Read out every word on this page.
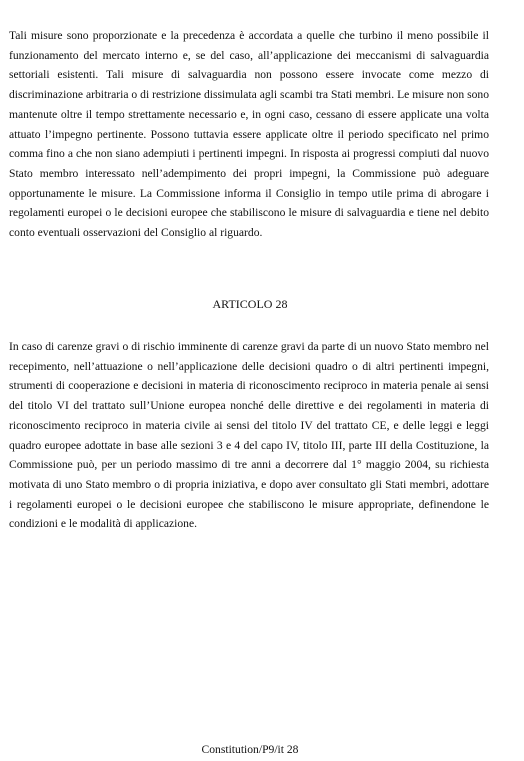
Tali misure sono proporzionate e la precedenza è accordata a quelle che turbino il meno possibile il funzionamento del mercato interno e, se del caso, all’applicazione dei meccanismi di salvaguardia settoriali esistenti. Tali misure di salvaguardia non possono essere invocate come mezzo di discriminazione arbitraria o di restrizione dissimulata agli scambi tra Stati membri. Le misure non sono mantenute oltre il tempo strettamente necessario e, in ogni caso, cessano di essere applicate una volta attuato l’impegno pertinente. Possono tuttavia essere applicate oltre il periodo specificato nel primo comma fino a che non siano adempiuti i pertinenti impegni. In risposta ai progressi compiuti dal nuovo Stato membro interessato nell’adempimento dei propri impegni, la Commissione può adeguare opportunamente le misure. La Commissione informa il Consiglio in tempo utile prima di abrogare i regolamenti europei o le decisioni europee che stabiliscono le misure di salvaguardia e tiene nel debito conto eventuali osservazioni del Consiglio al riguardo.

ARTICOLO 28

In caso di carenze gravi o di rischio imminente di carenze gravi da parte di un nuovo Stato membro nel recepimento, nell’attuazione o nell’applicazione delle decisioni quadro o di altri pertinenti impegni, strumenti di cooperazione e decisioni in materia di riconoscimento reciproco in materia penale ai sensi del titolo VI del trattato sull’Unione europea nonché delle direttive e dei regolamenti in materia di riconoscimento reciproco in materia civile ai sensi del titolo IV del trattato CE, e delle leggi e leggi quadro europee adottate in base alle sezioni 3 e 4 del capo IV, titolo III, parte III della Costituzione, la Commissione può, per un periodo massimo di tre anni a decorrere dal 1° maggio 2004, su richiesta motivata di uno Stato membro o di propria iniziativa, e dopo aver consultato gli Stati membri, adottare i regolamenti europei o le decisioni europee che stabiliscono le misure appropriate, definendone le condizioni e le modalità di applicazione.

Constitution/P9/it 28
